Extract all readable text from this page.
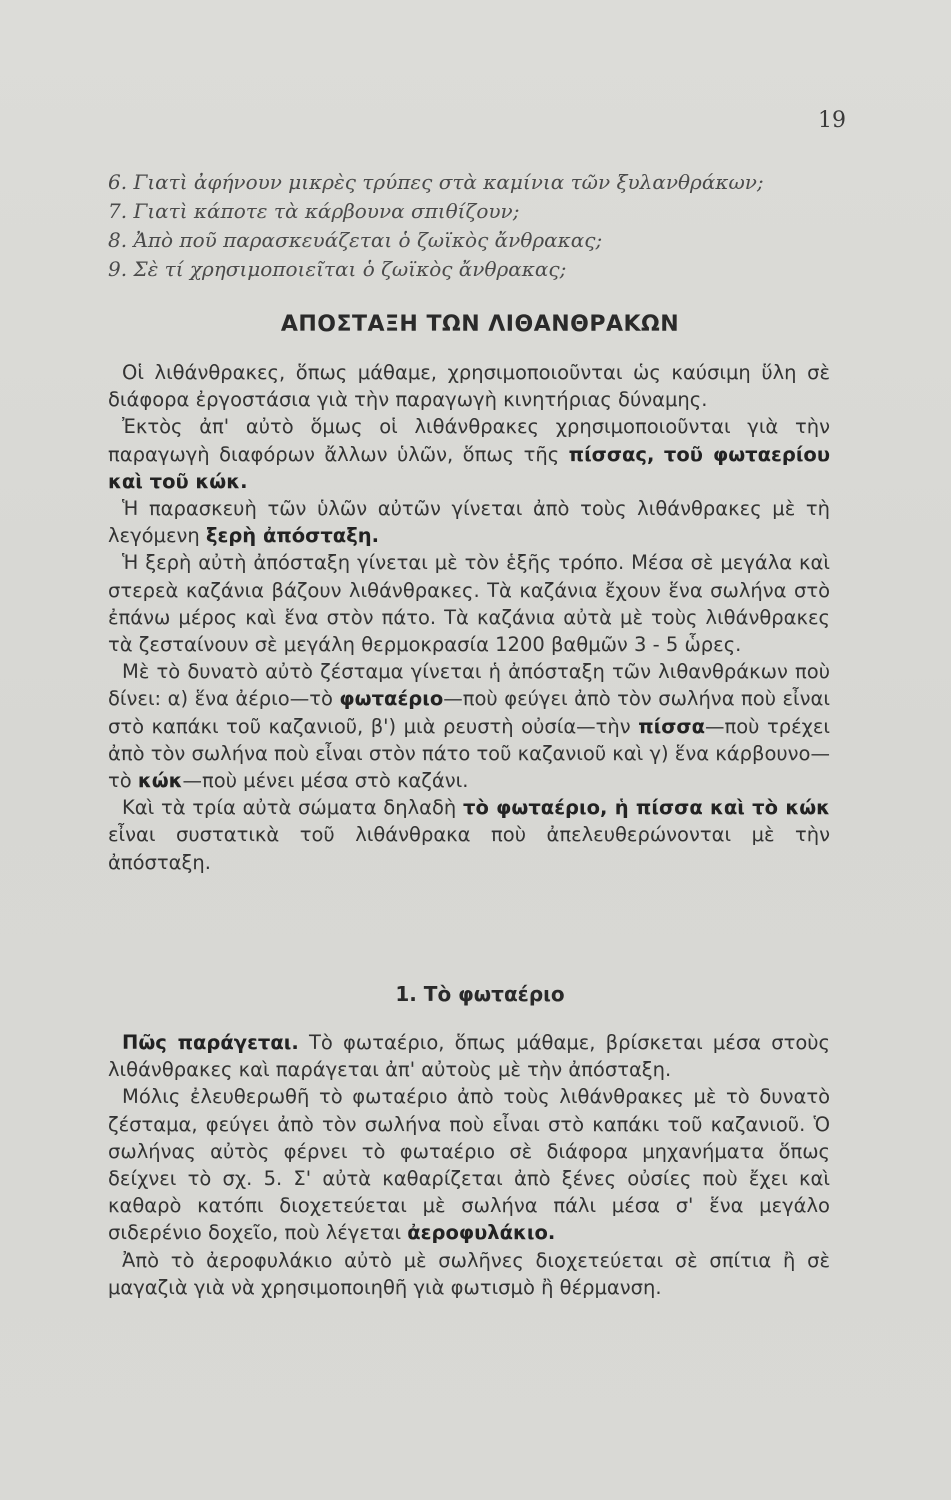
19
6. Γιατὶ ἀφήνουν μικρὲς τρύπες στὰ καμίνια τῶν ξυλανθράκων;
7. Γιατὶ κάποτε τὰ κάρβουνα σπιθίζουν;
8. Ἀπὸ ποῦ παρασκευάζεται ὁ ζωϊκὸς ἄνθρακας;
9. Σὲ τί χρησιμοποιεῖται ὁ ζωϊκὸς ἄνθρακας;
ΑΠΟΣΤΑΞΗ ΤΩΝ ΛΙΘΑΝΘΡΑΚΩΝ

Οἱ λιθάνθρακες, ὅπως μάθαμε, χρησιμοποιοῦνται ὡς καύσιμη ὕλη σὲ διάφορα ἐργοστάσια γιὰ τὴν παραγωγὴ κινητήριας δύναμης.

Ἐκτὸς ἀπ' αὐτὸ ὅμως οἱ λιθάνθρακες χρησιμοποιοῦνται γιὰ τὴν παραγωγὴ διαφόρων ἄλλων ὑλῶν, ὅπως τῆς πίσσας, τοῦ φωταερίου καὶ τοῦ κώκ.

Ἡ παρασκευὴ τῶν ὑλῶν αὐτῶν γίνεται ἀπὸ τοὺς λιθάνθρακες μὲ τὴ λεγόμενη ξερὴ ἀπόσταξη.

Ἡ ξερὴ αὐτὴ ἀπόσταξη γίνεται μὲ τὸν ἑξῆς τρόπο. Μέσα σὲ μεγάλα καὶ στερεὰ καζάνια βάζουν λιθάνθρακες. Τὰ καζάνια ἔχουν ἕνα σωλήνα στὸ ἐπάνω μέρος καὶ ἕνα στὸν πάτο. Τὰ καζάνια αὐτὰ μὲ τοὺς λιθάνθρακες τὰ ζεσταίνουν σὲ μεγάλη θερμοκρασία 1200 βαθμῶν 3 - 5 ὧρες.

Μὲ τὸ δυνατὸ αὐτὸ ζέσταμα γίνεται ἡ ἀπόσταξη τῶν λιθανθράκων ποὺ δίνει: α) ἕνα ἀέριο—τὸ φωταέριο—ποὺ φεύγει ἀπὸ τὸν σωλήνα ποὺ εἶναι στὸ καπάκι τοῦ καζανιοῦ, β') μιὰ ρευστὴ οὐσία—τὴν πίσσα—ποὺ τρέχει ἀπὸ τὸν σωλήνα ποὺ εἶναι στὸν πάτο τοῦ καζανιοῦ καὶ γ) ἕνα κάρβουνο—τὸ κώκ—ποὺ μένει μέσα στὸ καζάνι.

Καὶ τὰ τρία αὐτὰ σώματα δηλαδὴ τὸ φωταέριο, ἡ πίσσα καὶ τὸ κώκ εἶναι συστατικὰ τοῦ λιθάνθρακα ποὺ ἀπελευθερώνονται μὲ τὴν ἀπόσταξη.

1. Τὸ φωταέριο

Πῶς παράγεται. Τὸ φωταέριο, ὅπως μάθαμε, βρίσκεται μέσα στοὺς λιθάνθρακες καὶ παράγεται ἀπ' αὐτοὺς μὲ τὴν ἀπόσταξη.

Μόλις ἐλευθερωθῆ τὸ φωταέριο ἀπὸ τοὺς λιθάνθρακες μὲ τὸ δυνατὸ ζέσταμα, φεύγει ἀπὸ τὸν σωλήνα ποὺ εἶναι στὸ καπάκι τοῦ καζανιοῦ. Ὁ σωλήνας αὐτὸς φέρνει τὸ φωταέριο σὲ διάφορα μηχανήματα ὅπως δείχνει τὸ σχ. 5. Σ' αὐτὰ καθαρίζεται ἀπὸ ξένες οὐσίες ποὺ ἔχει καὶ καθαρὸ κατόπι διοχετεύεται μὲ σωλήνα πάλι μέσα σ' ἕνα μεγάλο σιδερένιο δοχεῖο, ποὺ λέγεται ἀεροφυλάκιο.

Ἀπὸ τὸ ἀεροφυλάκιο αὐτὸ μὲ σωλῆνες διοχετεύεται σὲ σπίτια ἢ σὲ μαγαζιὰ γιὰ νὰ χρησιμοποιηθῆ γιὰ φωτισμὸ ἢ θέρμανση.
